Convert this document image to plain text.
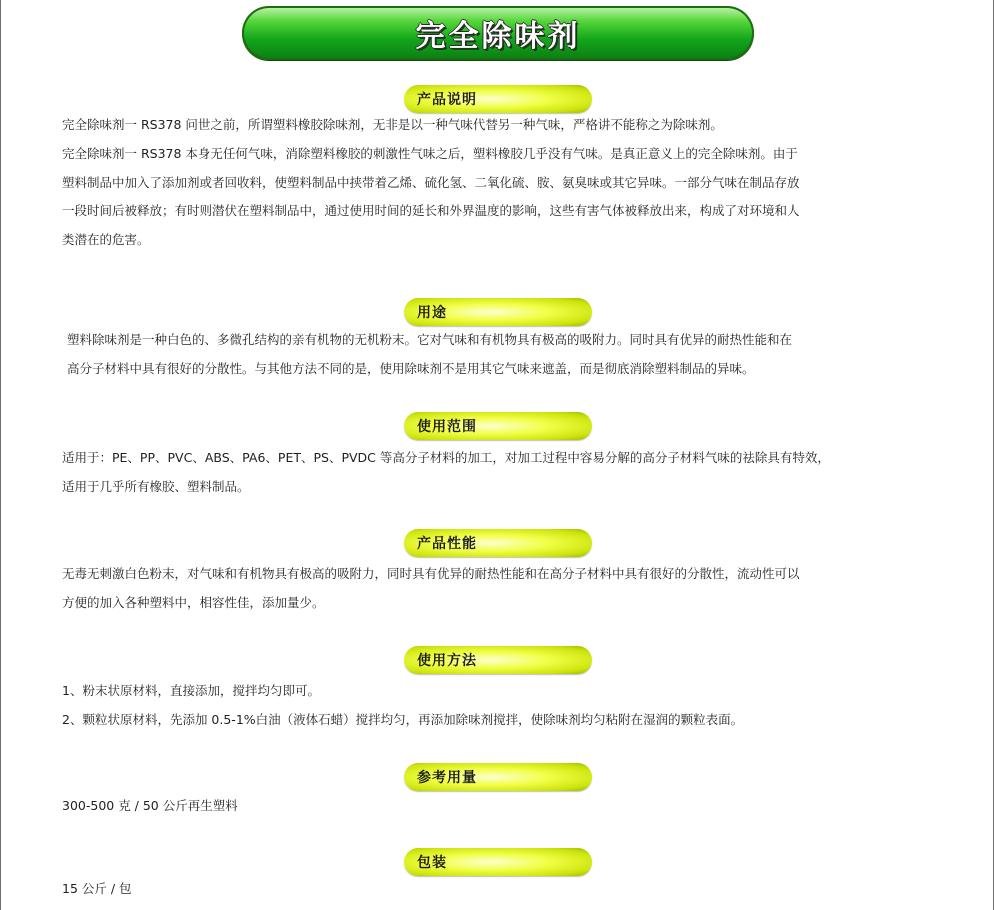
完全除味剂
产品说明

完全除味剂一 RS378 问世之前，所谓塑料橡胶除味剂，无非是以一种气味代替另一种气味，严格讲不能称之为除味剂。

完全除味剂一 RS378 本身无任何气味，消除塑料橡胶的刺激性气味之后，塑料橡胶几乎没有气味。是真正意义上的完全除味剂。由于

塑料制品中加入了添加剂或者回收料，使塑料制品中挟带着乙烯、硫化氢、二氧化硫、胺、氨臭味或其它异味。一部分气味在制品存放

一段时间后被释放；有时则潜伏在塑料制品中，通过使用时间的延长和外界温度的影响，这些有害气体被释放出来，构成了对环境和人

类潜在的危害。

用途

塑料除味剂是一种白色的、多微孔结构的亲有机物的无机粉末。它对气味和有机物具有极高的吸附力。同时具有优异的耐热性能和在

高分子材料中具有很好的分散性。与其他方法不同的是，使用除味剂不是用其它气味来遮盖，而是彻底消除塑料制品的异味。

使用范围

适用于：PE、PP、PVC、ABS、PA6、PET、PS、PVDC 等高分子材料的加工，对加工过程中容易分解的高分子材料气味的祛除具有特效，

适用于几乎所有橡胶、塑料制品。

产品性能

无毒无刺激白色粉末，对气味和有机物具有极高的吸附力，同时具有优异的耐热性能和在高分子材料中具有很好的分散性，流动性可以

方便的加入各种塑料中，相容性佳，添加量少。

使用方法

1、粉末状原材料，直接添加，搅拌均匀即可。

2、颗粒状原材料，先添加 0.5-1%白油（液体石蜡）搅拌均匀，再添加除味剂搅拌，使除味剂均匀粘附在湿润的颗粒表面。

参考用量

300-500 克 / 50 公斤再生塑料

包装

15 公斤 / 包
